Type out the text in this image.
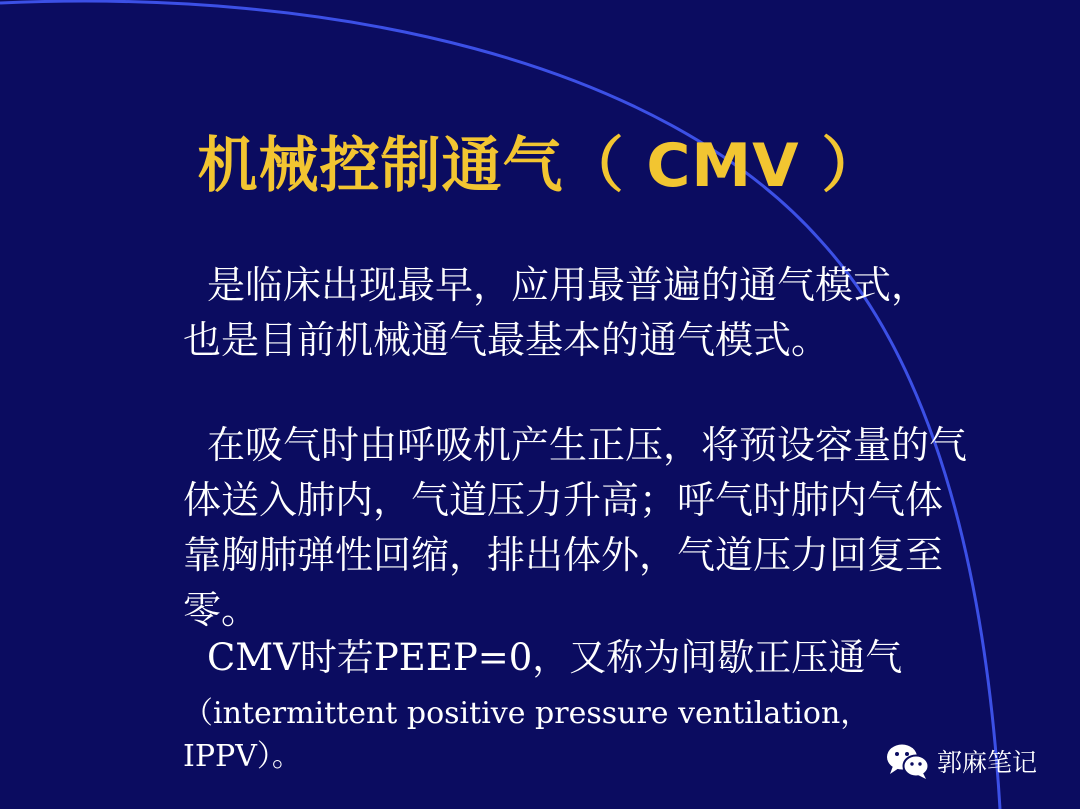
机械控制通气（ CMV ）

是临床出现最早，应用最普遍的通气模式，也是目前机械通气最基本的通气模式。

在吸气时由呼吸机产生正压，将预设容量的气体送入肺内，气道压力升高；呼气时肺内气体靠胸肺弹性回缩，排出体外，气道压力回复至零。

CMV时若PEEP=0，又称为间歇正压通气

（intermittent positive pressure ventilation，IPPV）。	郭麻笔记
